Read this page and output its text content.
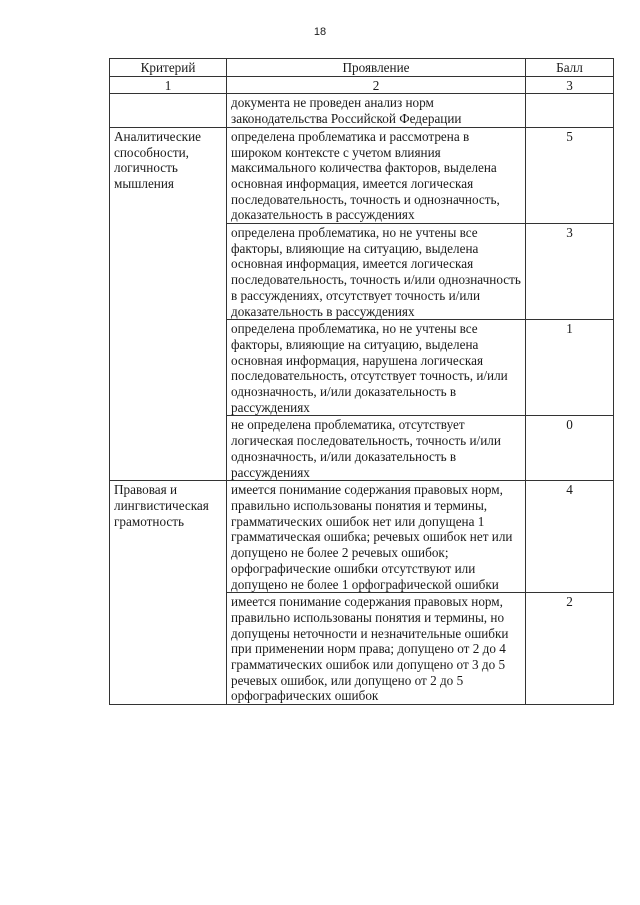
18
Критерий	Проявление	Балл
1	2	3
	документа не проведен анализ норм законодательства Российской Федерации	
Аналитические способности, логичность мышления	определена проблематика и рассмотрена в широком контексте с учетом влияния максимального количества факторов, выделена основная информация, имеется логическая последовательность, точность и однозначность, доказательность в рассуждениях	5
	определена проблематика, но не учтены все факторы, влияющие на ситуацию, выделена основная информация, имеется логическая последовательность, точность и/или однозначность в рассуждениях, отсутствует точность и/или доказательность в рассуждениях	3
	определена проблематика, но не учтены все факторы, влияющие на ситуацию, выделена основная информация, нарушена логическая последовательность, отсутствует точность, и/или однозначность, и/или доказательность в рассуждениях	1
	не определена проблематика, отсутствует логическая последовательность, точность и/или однозначность, и/или доказательность в рассуждениях	0
Правовая и лингвистическая грамотность	имеется понимание содержания правовых норм, правильно использованы понятия и термины, грамматических ошибок нет или допущена 1 грамматическая ошибка; речевых ошибок нет или допущено не более 2 речевых ошибок; орфографические ошибки отсутствуют или допущено не более 1 орфографической ошибки	4
	имеется понимание содержания правовых норм, правильно использованы понятия и термины, но допущены неточности и незначительные ошибки при применении норм права; допущено от 2 до 4 грамматических ошибок или допущено от 3 до 5 речевых ошибок, или допущено от 2 до 5 орфографических ошибок	2
